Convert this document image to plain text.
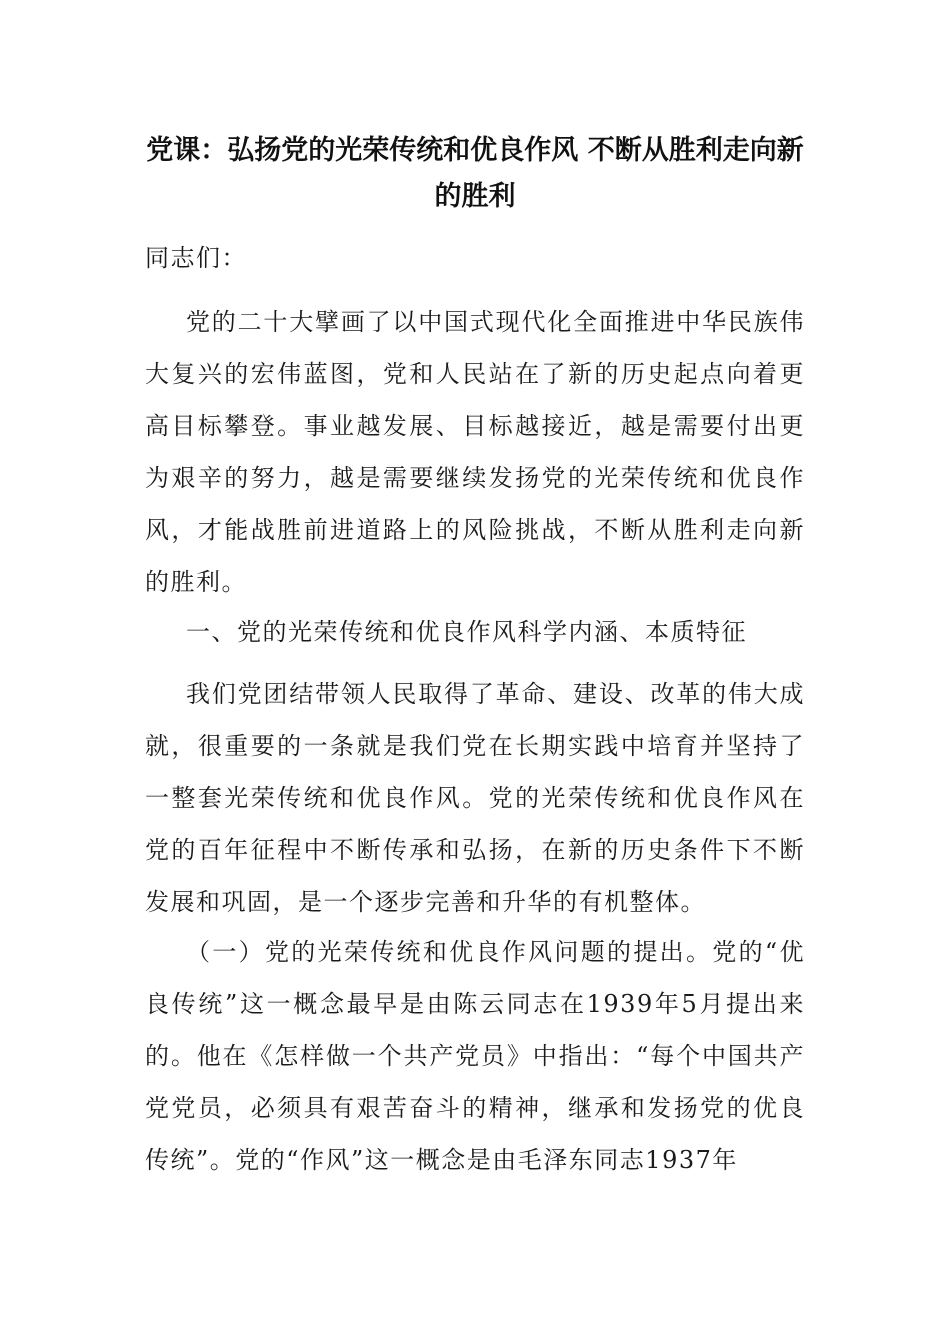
党课：弘扬党的光荣传统和优良作风 不断从胜利走向新的胜利

同志们：

党的二十大擘画了以中国式现代化全面推进中华民族伟大复兴的宏伟蓝图，党和人民站在了新的历史起点向着更高目标攀登。事业越发展、目标越接近，越是需要付出更为艰辛的努力，越是需要继续发扬党的光荣传统和优良作风，才能战胜前进道路上的风险挑战，不断从胜利走向新的胜利。

一、党的光荣传统和优良作风科学内涵、本质特征

我们党团结带领人民取得了革命、建设、改革的伟大成就，很重要的一条就是我们党在长期实践中培育并坚持了一整套光荣传统和优良作风。党的光荣传统和优良作风在党的百年征程中不断传承和弘扬，在新的历史条件下不断发展和巩固，是一个逐步完善和升华的有机整体。

（一）党的光荣传统和优良作风问题的提出。党的“优良传统”这一概念最早是由陈云同志在1939年5月提出来的。他在《怎样做一个共产党员》中指出：“每个中国共产党党员，必须具有艰苦奋斗的精神，继承和发扬党的优良传统”。党的“作风”这一概念是由毛泽东同志1937年
